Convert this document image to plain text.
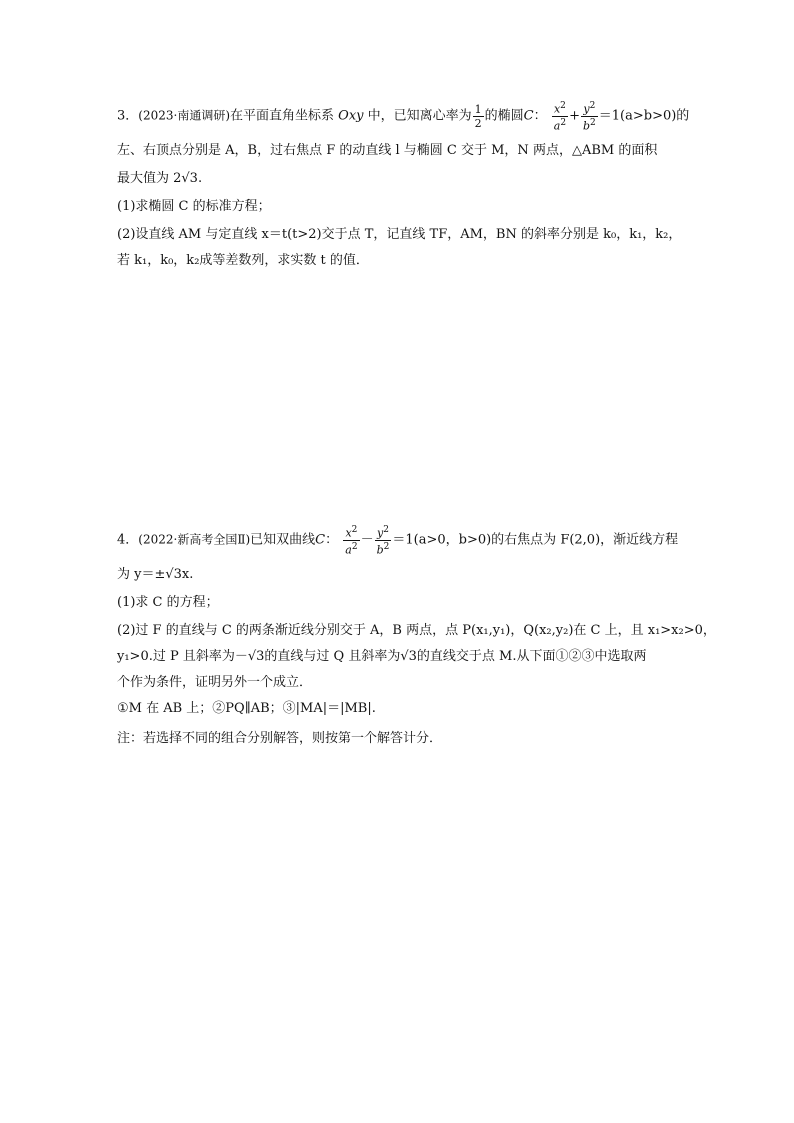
3．(2023·南通调研)在平面直角坐标系 Oxy 中，已知离心率为 $\frac{1}{2}$ 的椭圆C： $\frac{x^2}{a^2} + \frac{y^2}{b^2} =1(a>b>0)$的
左、右顶点分别是 A，B，过右焦点 F 的动直线 l 与椭圆 C 交于 M，N 两点，△ABM 的面积
最大值为 2√3.
(1)求椭圆 C 的标准方程；
(2)设直线 AM 与定直线 x＝t(t>2)交于点 T，记直线 TF，AM，BN 的斜率分别是 k₀，k₁，k₂，
若 k₁，k₀，k₂成等差数列，求实数 t 的值．
4．(2022·新高考全国Ⅱ)已知双曲线C： $\frac{x^2}{a^2} - \frac{y^2}{b^2} =1(a>0$，b>0)的右焦点为 F(2,0)，渐近线方程
为 y＝±√3x.
(1)求 C 的方程；
(2)过 F 的直线与 C 的两条渐近线分别交于 A，B 两点，点 P(x₁,y₁)，Q(x₂,y₂)在 C 上，且 x₁>x₂>0，
y₁>0.过 P 且斜率为－√3的直线与过 Q 且斜率为√3的直线交于点 M.从下面①②③中选取两
个作为条件，证明另外一个成立．
①M 在 AB 上；②PQ∥AB；③|MA|＝|MB|.
注：若选择不同的组合分别解答，则按第一个解答计分．
